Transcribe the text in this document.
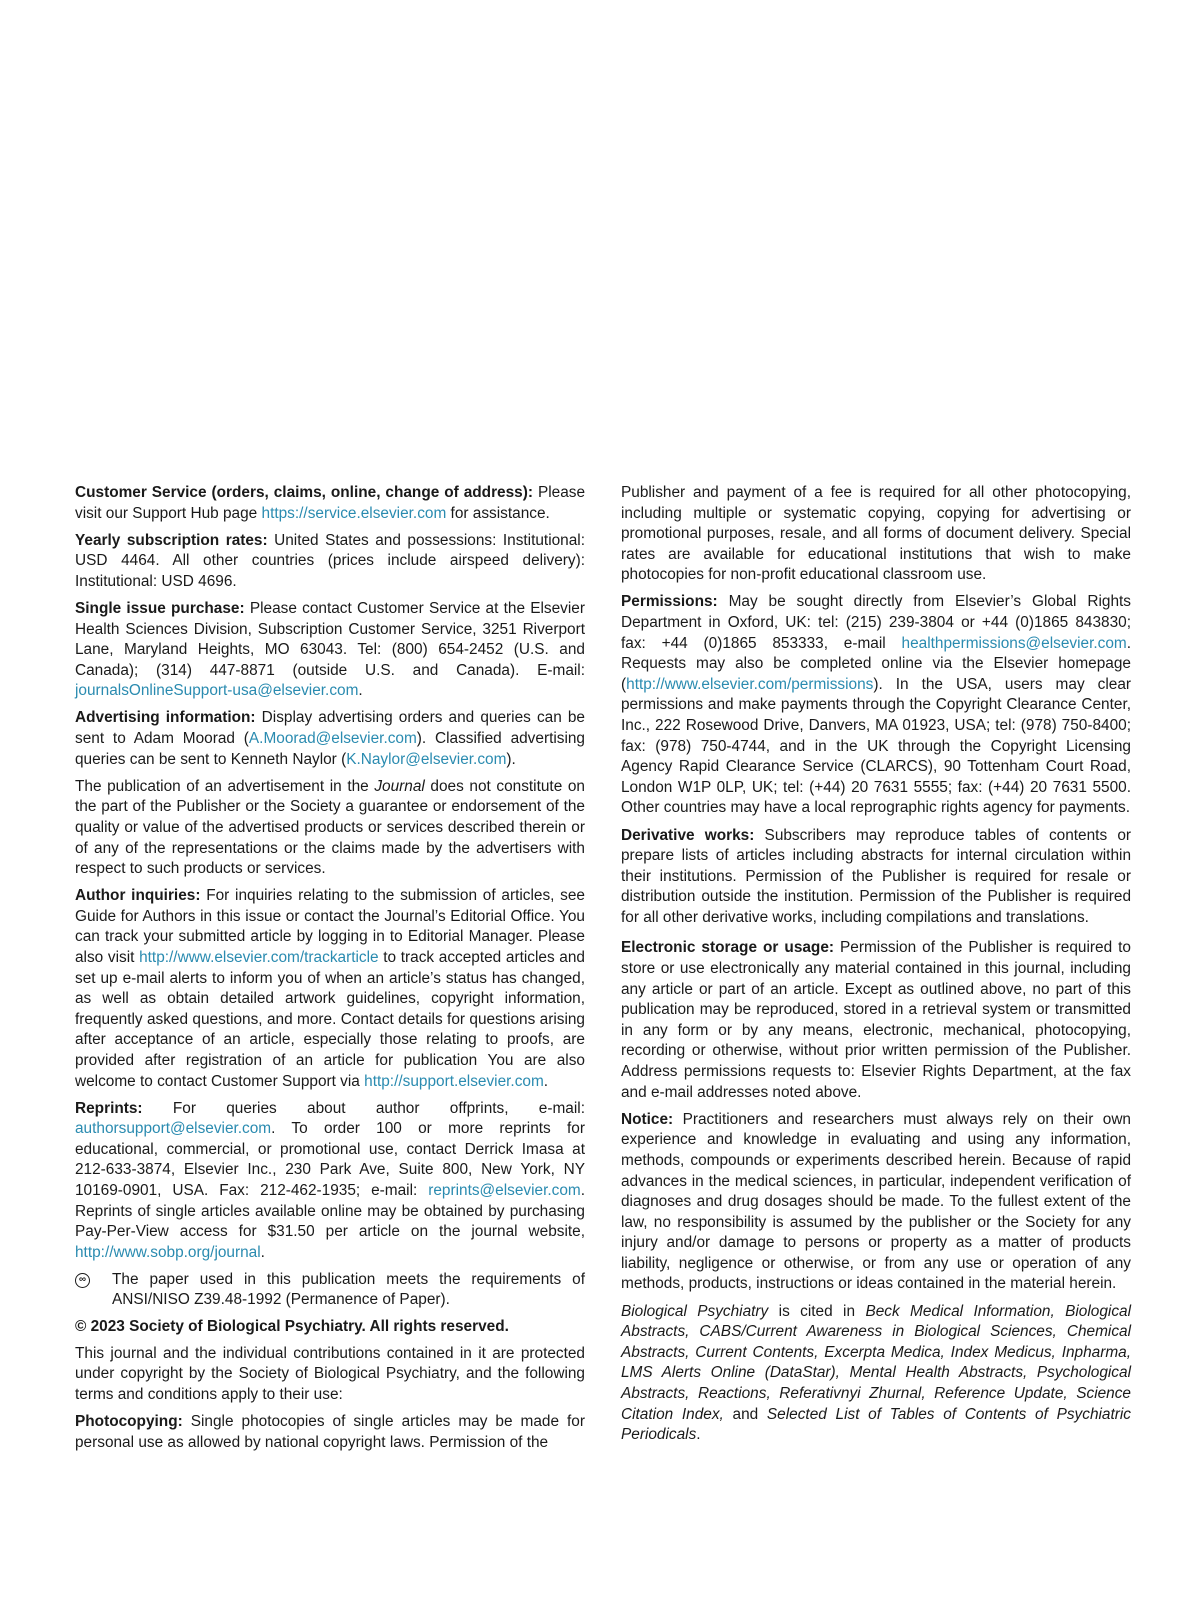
Customer Service (orders, claims, online, change of address): Please visit our Support Hub page https://service.elsevier.com for assistance.

Yearly subscription rates: United States and possessions: Institutional: USD 4464. All other countries (prices include airspeed delivery): Institutional: USD 4696.

Single issue purchase: Please contact Customer Service at the Elsevier Health Sciences Division, Subscription Customer Service, 3251 Riverport Lane, Maryland Heights, MO 63043. Tel: (800) 654-2452 (U.S. and Canada); (314) 447-8871 (outside U.S. and Canada). E-mail: journalsOnlineSupport-usa@elsevier.com.

Advertising information: Display advertising orders and queries can be sent to Adam Moorad (A.Moorad@elsevier.com). Classified advertising queries can be sent to Kenneth Naylor (K.Naylor@elsevier.com).

The publication of an advertisement in the Journal does not constitute on the part of the Publisher or the Society a guarantee or endorsement of the quality or value of the advertised products or services described therein or of any of the representations or the claims made by the advertisers with respect to such products or services.

Author inquiries: For inquiries relating to the submission of articles, see Guide for Authors in this issue or contact the Journal’s Editorial Office. You can track your submitted article by logging in to Editorial Manager. Please also visit http://www.elsevier.com/trackarticle to track accepted articles and set up e-mail alerts to inform you of when an article’s status has changed, as well as obtain detailed artwork guidelines, copyright information, frequently asked questions, and more. Contact details for questions arising after acceptance of an article, especially those relating to proofs, are provided after registration of an article for publication You are also welcome to contact Customer Support via http://support.elsevier.com.

Reprints: For queries about author offprints, e-mail: authorsupport@elsevier.com. To order 100 or more reprints for educational, commercial, or promotional use, contact Derrick Imasa at 212-633-3874, Elsevier Inc., 230 Park Ave, Suite 800, New York, NY 10169-0901, USA. Fax: 212-462-1935; e-mail: reprints@elsevier.com. Reprints of single articles available online may be obtained by purchasing Pay-Per-View access for $31.50 per article on the journal website, http://www.sobp.org/journal.

∞ The paper used in this publication meets the requirements of ANSI/NISO Z39.48-1992 (Permanence of Paper).

© 2023 Society of Biological Psychiatry. All rights reserved.

This journal and the individual contributions contained in it are protected under copyright by the Society of Biological Psychiatry, and the following terms and conditions apply to their use:

Photocopying: Single photocopies of single articles may be made for personal use as allowed by national copyright laws. Permission of the

Publisher and payment of a fee is required for all other photocopying, including multiple or systematic copying, copying for advertising or promotional purposes, resale, and all forms of document delivery. Special rates are available for educational institutions that wish to make photocopies for non-profit educational classroom use.

Permissions: May be sought directly from Elsevier’s Global Rights Department in Oxford, UK: tel: (215) 239-3804 or +44 (0)1865 843830; fax: +44 (0)1865 853333, e-mail healthpermissions@elsevier.com. Requests may also be completed online via the Elsevier homepage (http://www.elsevier.com/permissions). In the USA, users may clear permissions and make payments through the Copyright Clearance Center, Inc., 222 Rosewood Drive, Danvers, MA 01923, USA; tel: (978) 750-8400; fax: (978) 750-4744, and in the UK through the Copyright Licensing Agency Rapid Clearance Service (CLARCS), 90 Tottenham Court Road, London W1P 0LP, UK; tel: (+44) 20 7631 5555; fax: (+44) 20 7631 5500. Other countries may have a local reprographic rights agency for payments.

Derivative works: Subscribers may reproduce tables of contents or prepare lists of articles including abstracts for internal circulation within their institutions. Permission of the Publisher is required for resale or distribution outside the institution. Permission of the Publisher is required for all other derivative works, including compilations and translations.

Electronic storage or usage: Permission of the Publisher is required to store or use electronically any material contained in this journal, including any article or part of an article. Except as outlined above, no part of this publication may be reproduced, stored in a retrieval system or transmitted in any form or by any means, electronic, mechanical, photocopying, recording or otherwise, without prior written permission of the Publisher. Address permissions requests to: Elsevier Rights Department, at the fax and e-mail addresses noted above.

Notice: Practitioners and researchers must always rely on their own experience and knowledge in evaluating and using any information, methods, compounds or experiments described herein. Because of rapid advances in the medical sciences, in particular, independent verification of diagnoses and drug dosages should be made. To the fullest extent of the law, no responsibility is assumed by the publisher or the Society for any injury and/or damage to persons or property as a matter of products liability, negligence or otherwise, or from any use or operation of any methods, products, instructions or ideas contained in the material herein.

Biological Psychiatry is cited in Beck Medical Information, Biological Abstracts, CABS/Current Awareness in Biological Sciences, Chemical Abstracts, Current Contents, Excerpta Medica, Index Medicus, Inpharma, LMS Alerts Online (DataStar), Mental Health Abstracts, Psychological Abstracts, Reactions, Referativnyi Zhurnal, Reference Update, Science Citation Index, and Selected List of Tables of Contents of Psychiatric Periodicals.
